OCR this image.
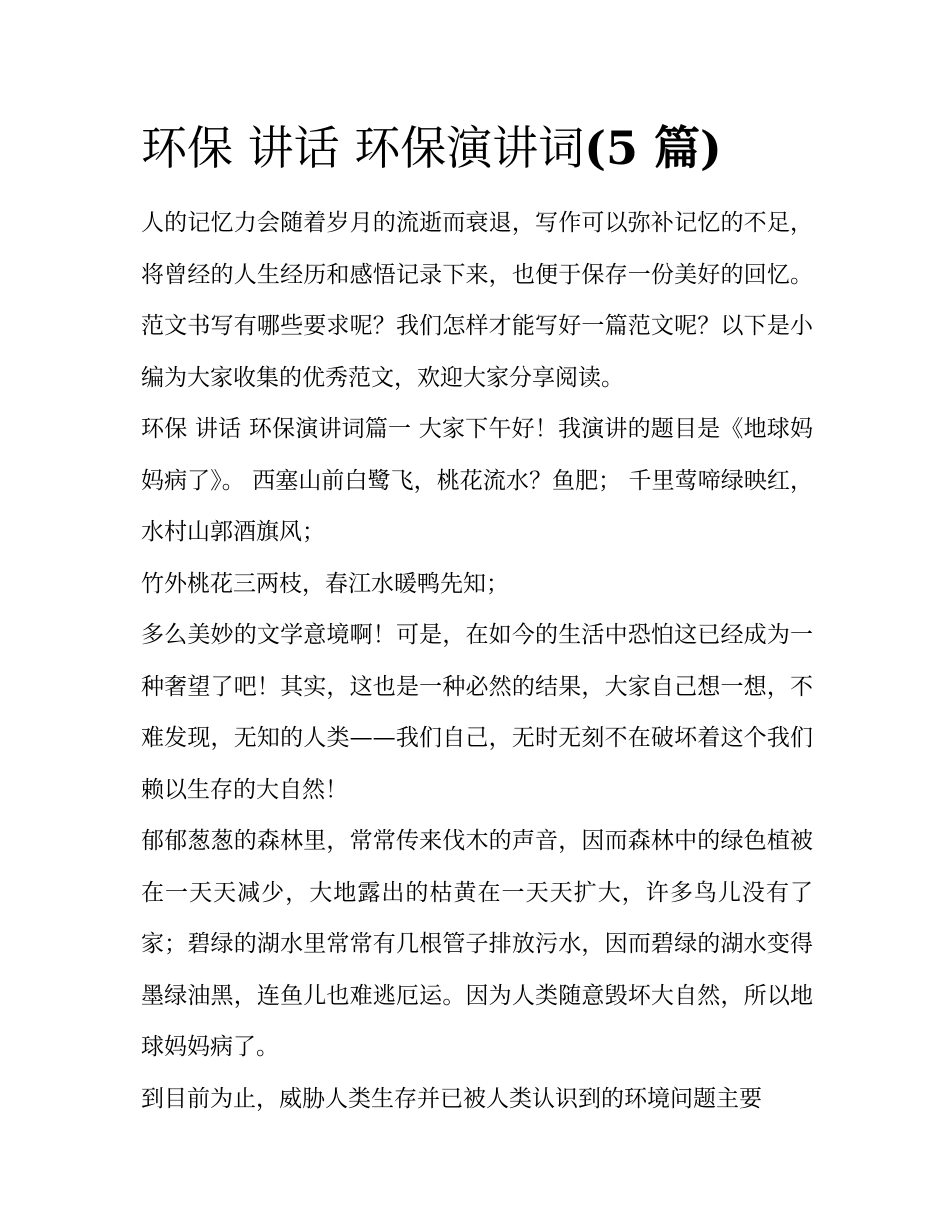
环保 讲话 环保演讲词(5 篇)

人的记忆力会随着岁月的流逝而衰退，写作可以弥补记忆的不足，将曾经的人生经历和感悟记录下来，也便于保存一份美好的回忆。范文书写有哪些要求呢？我们怎样才能写好一篇范文呢？以下是小编为大家收集的优秀范文，欢迎大家分享阅读。

环保 讲话 环保演讲词篇一 大家下午好！我演讲的题目是《地球妈妈病了》。 西塞山前白鹭飞，桃花流水？鱼肥； 千里莺啼绿映红，水村山郭酒旗风；

竹外桃花三两枝，春江水暖鸭先知；

多么美妙的文学意境啊！可是，在如今的生活中恐怕这已经成为一种奢望了吧！其实，这也是一种必然的结果，大家自己想一想，不难发现，无知的人类——我们自己，无时无刻不在破坏着这个我们赖以生存的大自然！

郁郁葱葱的森林里，常常传来伐木的声音，因而森林中的绿色植被在一天天减少，大地露出的枯黄在一天天扩大，许多鸟儿没有了家；碧绿的湖水里常常有几根管子排放污水，因而碧绿的湖水变得墨绿油黑，连鱼儿也难逃厄运。因为人类随意毁坏大自然，所以地球妈妈病了。

到目前为止，威胁人类生存并已被人类认识到的环境问题主要
